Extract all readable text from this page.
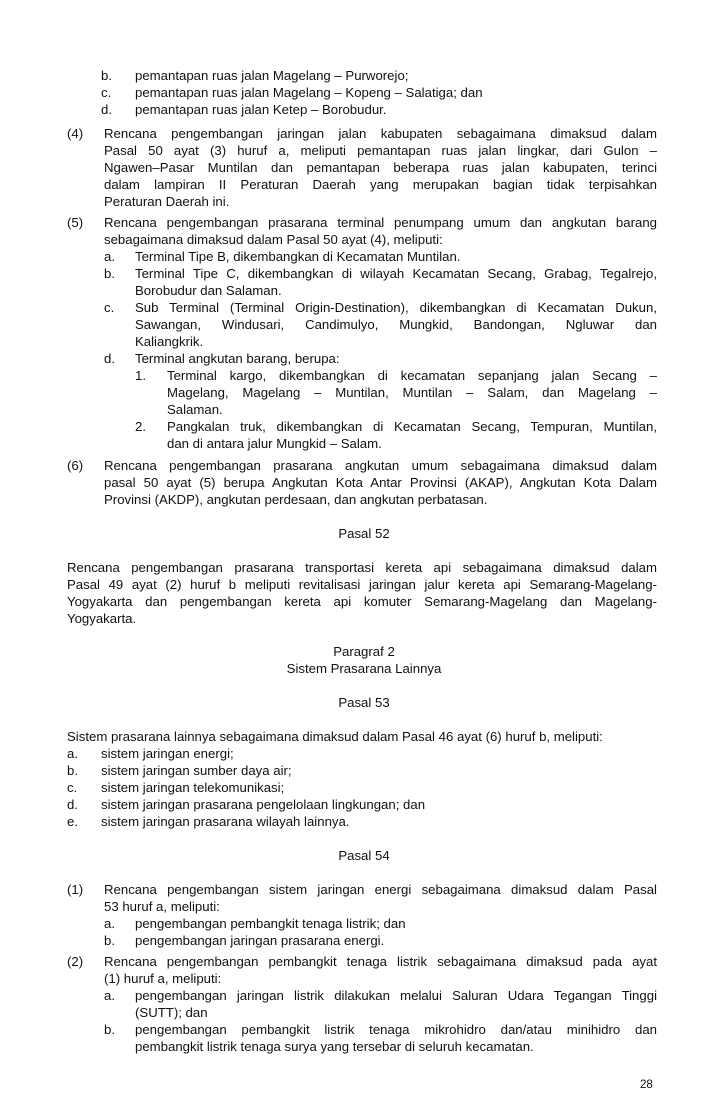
b. pemantapan ruas jalan Magelang – Purworejo;
c. pemantapan ruas jalan Magelang – Kopeng – Salatiga; dan
d. pemantapan ruas jalan Ketep – Borobudur.
(4) Rencana pengembangan jaringan jalan kabupaten sebagaimana dimaksud dalam
Pasal 50 ayat (3) huruf a, meliputi pemantapan ruas jalan lingkar, dari Gulon –
Ngawen–Pasar Muntilan dan pemantapan beberapa ruas jalan kabupaten, terinci
dalam lampiran II Peraturan Daerah yang merupakan bagian tidak terpisahkan
Peraturan Daerah ini.
(5) Rencana pengembangan prasarana terminal penumpang umum dan angkutan barang
sebagaimana dimaksud dalam Pasal 50 ayat (4), meliputi:
a. Terminal Tipe B, dikembangkan di Kecamatan Muntilan.
b. Terminal Tipe C, dikembangkan di wilayah Kecamatan Secang, Grabag, Tegalrejo,
Borobudur dan Salaman.
c. Sub Terminal (Terminal Origin-Destination), dikembangkan di Kecamatan Dukun,
Sawangan, Windusari, Candimulyo, Mungkid, Bandongan, Ngluwar dan
Kaliangkrik.
d. Terminal angkutan barang, berupa:
1. Terminal kargo, dikembangkan di kecamatan sepanjang jalan Secang –
Magelang, Magelang – Muntilan, Muntilan – Salam, dan Magelang –
Salaman.
2. Pangkalan truk, dikembangkan di Kecamatan Secang, Tempuran, Muntilan,
dan di antara jalur Mungkid – Salam.
(6) Rencana pengembangan prasarana angkutan umum sebagaimana dimaksud dalam
pasal 50 ayat (5) berupa Angkutan Kota Antar Provinsi (AKAP), Angkutan Kota Dalam
Provinsi (AKDP), angkutan perdesaan, dan angkutan perbatasan.
Pasal 52
Rencana pengembangan prasarana transportasi kereta api sebagaimana dimaksud dalam
Pasal 49 ayat (2) huruf b meliputi revitalisasi jaringan jalur kereta api Semarang-Magelang-
Yogyakarta dan pengembangan kereta api komuter Semarang-Magelang dan Magelang-
Yogyakarta.
Paragraf 2
Sistem Prasarana Lainnya
Pasal 53
Sistem prasarana lainnya sebagaimana dimaksud dalam Pasal 46 ayat (6) huruf b, meliputi:
a. sistem jaringan energi;
b. sistem jaringan sumber daya air;
c. sistem jaringan telekomunikasi;
d. sistem jaringan prasarana pengelolaan lingkungan; dan
e. sistem jaringan prasarana wilayah lainnya.
Pasal 54
(1) Rencana pengembangan sistem jaringan energi sebagaimana dimaksud dalam Pasal
53 huruf a, meliputi:
a. pengembangan pembangkit tenaga listrik; dan
b. pengembangan jaringan prasarana energi.
(2) Rencana pengembangan pembangkit tenaga listrik sebagaimana dimaksud pada ayat
(1) huruf a, meliputi:
a. pengembangan jaringan listrik dilakukan melalui Saluran Udara Tegangan Tinggi
(SUTT); dan
b. pengembangan pembangkit listrik tenaga mikrohidro dan/atau minihidro dan
pembangkit listrik tenaga surya yang tersebar di seluruh kecamatan.
28
